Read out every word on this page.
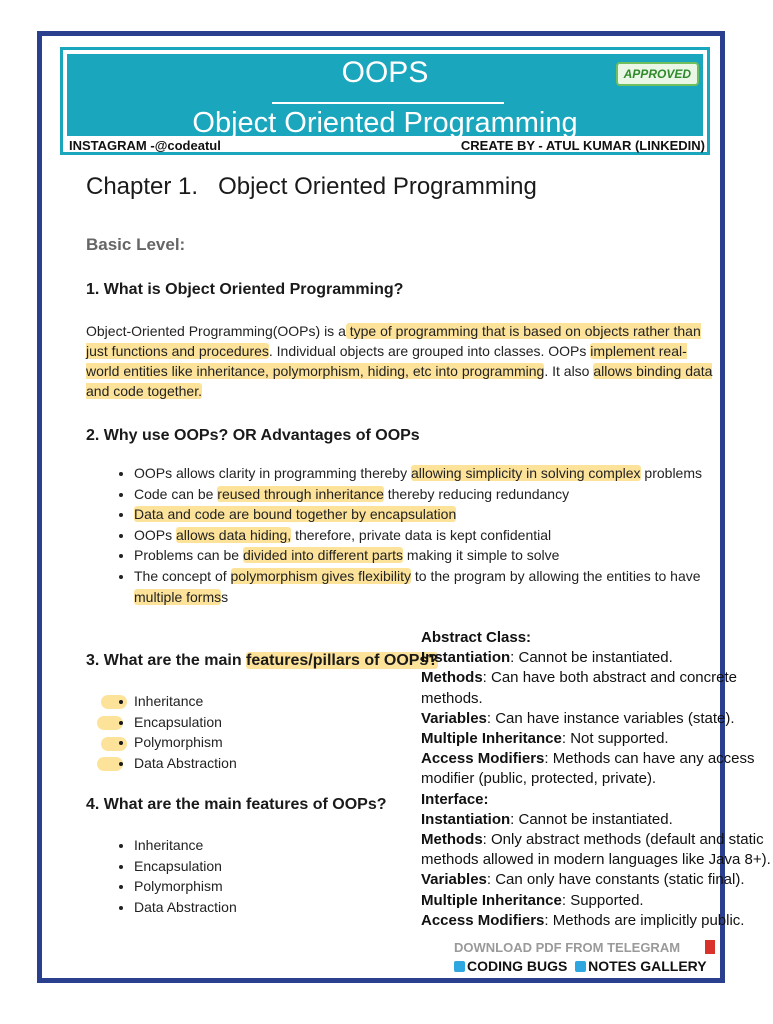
OOPS
Object Oriented Programming
APPROVED
INSTAGRAM -@codeatul	CREATE BY - ATUL KUMAR (LINKEDIN)
Chapter 1.   Object Oriented Programming
Basic Level:
1. What is Object Oriented Programming?
Object-Oriented Programming(OOPs) is a type of programming that is based on objects rather than just functions and procedures. Individual objects are grouped into classes. OOPs implement real-world entities like inheritance, polymorphism, hiding, etc into programming. It also allows binding data and code together.
2. Why use OOPs? OR Advantages of OOPs
• OOPs allows clarity in programming thereby allowing simplicity in solving complex problems
• Code can be reused through inheritance thereby reducing redundancy
• Data and code are bound together by encapsulation
• OOPs allows data hiding, therefore, private data is kept confidential
• Problems can be divided into different parts making it simple to solve
• The concept of polymorphism gives flexibility to the program by allowing the entities to have multiple formss
3. What are the main features/pillars of OOPs?
• Inheritance
• Encapsulation
• Polymorphism
• Data Abstraction
4. What are the main features of OOPs?
• Inheritance
• Encapsulation
• Polymorphism
• Data Abstraction
Abstract Class:
Instantiation: Cannot be instantiated.
Methods: Can have both abstract and concrete methods.
Variables: Can have instance variables (state).
Multiple Inheritance: Not supported.
Access Modifiers: Methods can have any access modifier (public, protected, private).
Interface:
Instantiation: Cannot be instantiated.
Methods: Only abstract methods (default and static methods allowed in modern languages like Java 8+).
Variables: Can only have constants (static final).
Multiple Inheritance: Supported.
Access Modifiers: Methods are implicitly public.
DOWNLOAD PDF FROM TELEGRAM
CODING BUGS NOTES GALLERY
